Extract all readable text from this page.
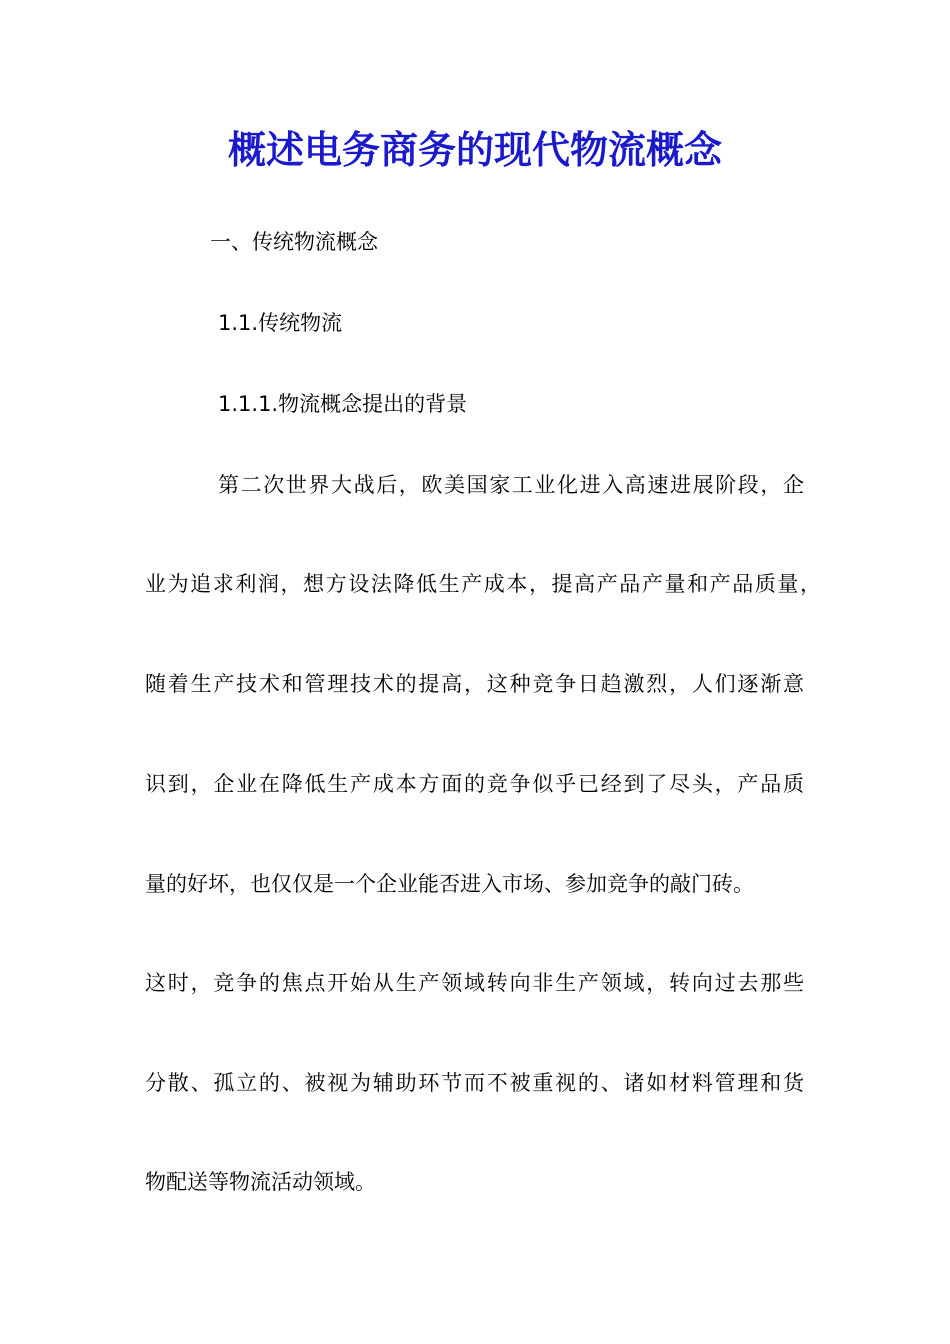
概述电务商务的现代物流概念
一、传统物流概念
1.1.传统物流
1.1.1.物流概念提出的背景
第二次世界大战后，欧美国家工业化进入高速进展阶段，企
业为追求利润，想方设法降低生产成本，提高产品产量和产品质量，
随着生产技术和管理技术的提高，这种竞争日趋激烈，人们逐渐意
识到，企业在降低生产成本方面的竞争似乎已经到了尽头，产品质
量的好坏，也仅仅是一个企业能否进入市场、参加竞争的敲门砖。
这时，竞争的焦点开始从生产领域转向非生产领域，转向过去那些
分散、孤立的、被视为辅助环节而不被重视的、诸如材料管理和货
物配送等物流活动领域。
